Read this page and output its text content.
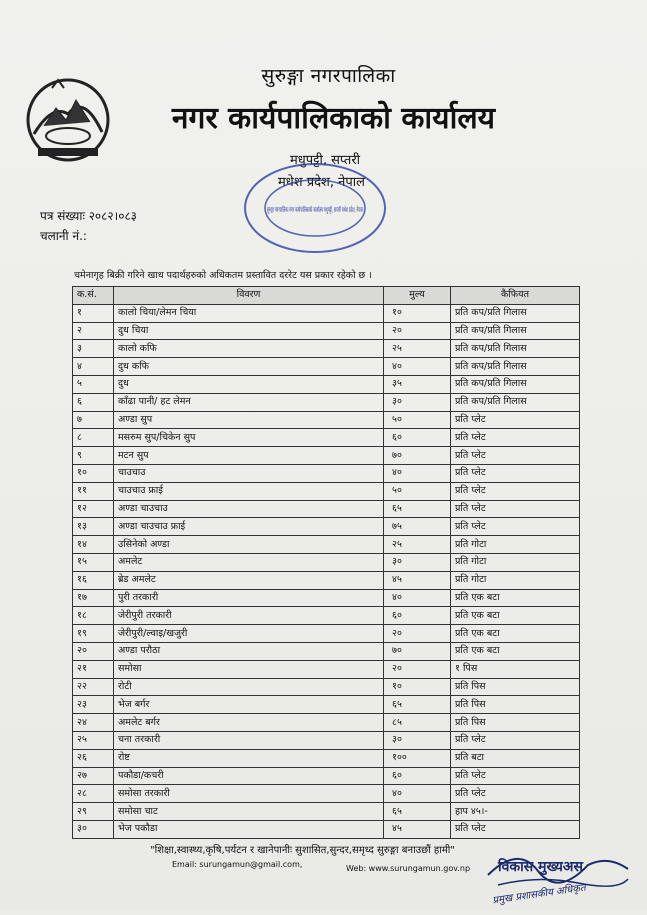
सुरुङ्गा नगरपालिका
नगर कार्यपालिकाको कार्यालय
मधुपट्टी, सप्तरी
मधेश प्रदेश, नेपाल
सुरुङ्गा नगरपालिका नगर कार्यपालिकाको कार्यालय मधुपट्टी, सप्तरी मधेश प्रदेश, नेपाल
पत्र संख्याः २०८२।०८३
चलानी नं.:
चमेनागृह बिक्री गरिने खाध पदार्थहरुको अधिकतम प्रस्तावित दररेट यस प्रकार रहेको छ ।
क.सं.	विवरण	मुल्य	कैफियत
१	कालो चिया/लेमन चिया	१०	प्रति कप/प्रति गिलास
२	दुध चिया	२०	प्रति कप/प्रति गिलास
३	कालो कफि	२५	प्रति कप/प्रति गिलास
४	दुध कफि	४०	प्रति कप/प्रति गिलास
५	दुध	३५	प्रति कप/प्रति गिलास
६	काँढा पानी/ हट लेमन	३०	प्रति कप/प्रति गिलास
७	अण्डा सुप	५०	प्रति प्लेट
८	मसरुम सुप/चिकेन सुप	६०	प्रति प्लेट
९	मटन सुप	७०	प्रति प्लेट
१०	चाउचाउ	४०	प्रति प्लेट
११	चाउचाउ फ्राई	५०	प्रति प्लेट
१२	अण्डा चाउचाउ	६५	प्रति प्लेट
१३	अण्डा चाउचाउ फ्राई	७५	प्रति प्लेट
१४	उसिनेको अण्डा	२५	प्रति गोटा
१५	अमलेट	३०	प्रति गोटा
१६	ब्रेड अमलेट	४५	प्रति गोटा
१७	पुरी तरकारी	४०	प्रति एक बटा
१८	जेरीपुरी तरकारी	६०	प्रति एक बटा
१९	जेरीपुरी/ल्वाइ/खजुरी	२०	प्रति एक बटा
२०	अण्डा परौठा	७०	प्रति एक बटा
२१	समोसा	२०	१ पिस
२२	रोटी	१०	प्रति पिस
२३	भेज बर्गर	६५	प्रति पिस
२४	अमलेट बर्गर	८५	प्रति पिस
२५	चना तरकारी	३०	प्रति प्लेट
२६	रोष्ट	१००	प्रति बटा
२७	पकौडा/कचरी	६०	प्रति प्लेट
२८	समोसा तरकारी	४०	प्रति प्लेट
२९	समोसा चाट	६५	हाप ४५।-
३०	भेज पकौडा	४५	प्रति प्लेट
"शिक्षा,स्वास्थ्य,कृषि,पर्यटन र खानेपानीः सुशासित,सुन्दर,समृध्द सुरुङ्गा बनाउछौं हामी"
Email: surungamun@gmail.com,	Web: www.surungamun.gov.np विकास मुख्यअस
प्रमुख प्रशासकीय अधिकृत
